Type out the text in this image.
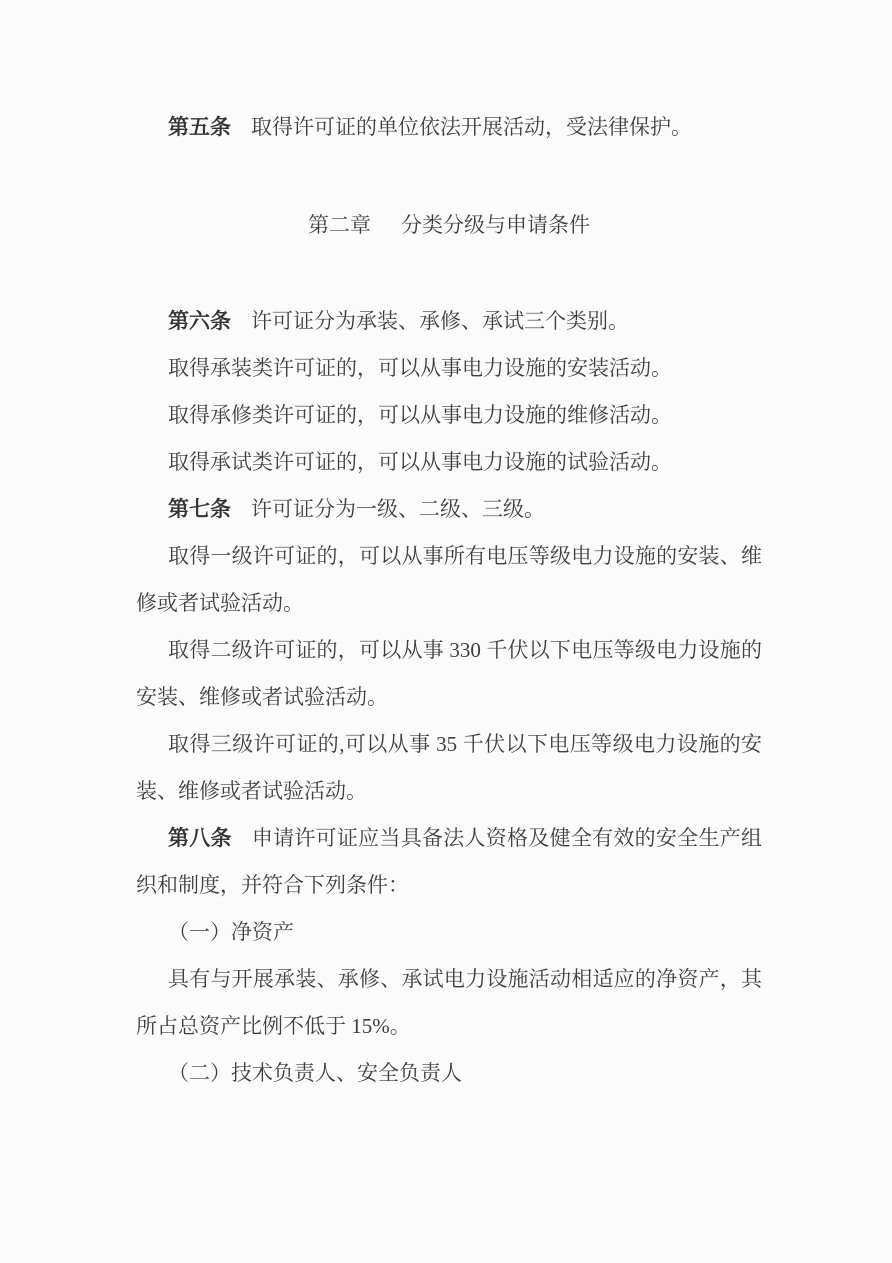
第五条 取得许可证的单位依法开展活动，受法律保护。

第二章 分类分级与申请条件

第六条 许可证分为承装、承修、承试三个类别。

取得承装类许可证的，可以从事电力设施的安装活动。

取得承修类许可证的，可以从事电力设施的维修活动。

取得承试类许可证的，可以从事电力设施的试验活动。

第七条 许可证分为一级、二级、三级。

取得一级许可证的，可以从事所有电压等级电力设施的安装、维修或者试验活动。

取得二级许可证的，可以从事 330 千伏以下电压等级电力设施的安装、维修或者试验活动。

取得三级许可证的,可以从事 35 千伏以下电压等级电力设施的安装、维修或者试验活动。

第八条 申请许可证应当具备法人资格及健全有效的安全生产组织和制度，并符合下列条件：

（一）净资产

具有与开展承装、承修、承试电力设施活动相适应的净资产，其所占总资产比例不低于 15%。

（二）技术负责人、安全负责人
